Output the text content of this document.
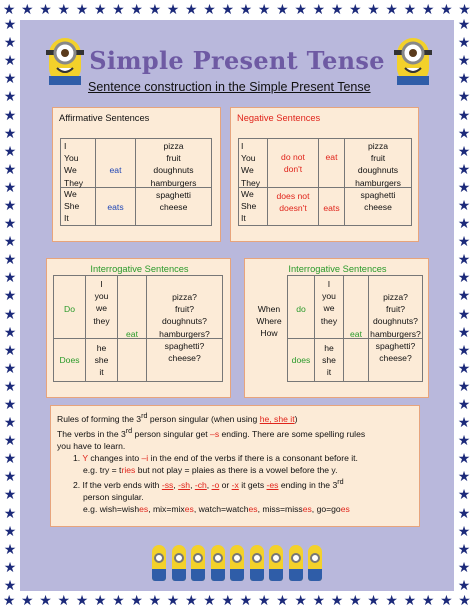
★ ★ ★ ★ ★ ★ ★ ★ ★ ★ ★ ★ ★ ★ ★ ★ ★ ★ ★ ★ ★ ★ ★ ★ ★ ★
★ ★ ★ ★ ★ ★ ★ ★ ★ ★ ★ ★ ★ ★ ★ ★ ★ ★ ★ ★ ★ ★ ★ ★ ★ ★
★
★
★
★
★
★
★
★
★
★
★
★
★
★
★
★
★
★
★
★
★
★
★
★
★
★
★
★
★
★
★
★
★
★
★
★
★
★
★
★
★
★
★
★
★
★
★
★
★
★
★
★
★
★
★
★
★
★
★
★
★
★
★
★
Simple Present Tense
Sentence construction in the Simple Present Tense
Affirmative Sentences
I
You
We
They
We
She
It
eat
eats
pizza
fruit
doughnuts
hamburgers
spaghetti
cheese
Negative Sentences
I
You
We
They
We
She
It
do not
don't
does not
doesn't
eat
eats
pizza
fruit
doughnuts
hamburgers
spaghetti
cheese
Interrogative Sentences
Do
Does
I
you
we
they
he
she
it
eat
pizza?
fruit?
doughnuts?
hamburgers?
spaghetti?
cheese?
Interrogative Sentences
When
Where
How
do
does
I
you
we
they
he
she
it
eat
pizza?
fruit?
doughnuts?
hamburgers?
spaghetti?
cheese?

Rules of forming the 3rd person singular (when using he, she it)

The verbs in the 3rd person singular get –s ending. There are some spelling rules

you have to learn.

1. Y changes into –i in the end of the verbs if there is a consonant before it.

e.g. try = tries but not play = plaies as there is a vowel before the y.

2. If the verb ends with -ss, -sh, -ch, -o or -x it gets -es ending in the 3rd

person singular.

e.g. wish=wishes, mix=mixes, watch=watches, miss=misses, go=goes
